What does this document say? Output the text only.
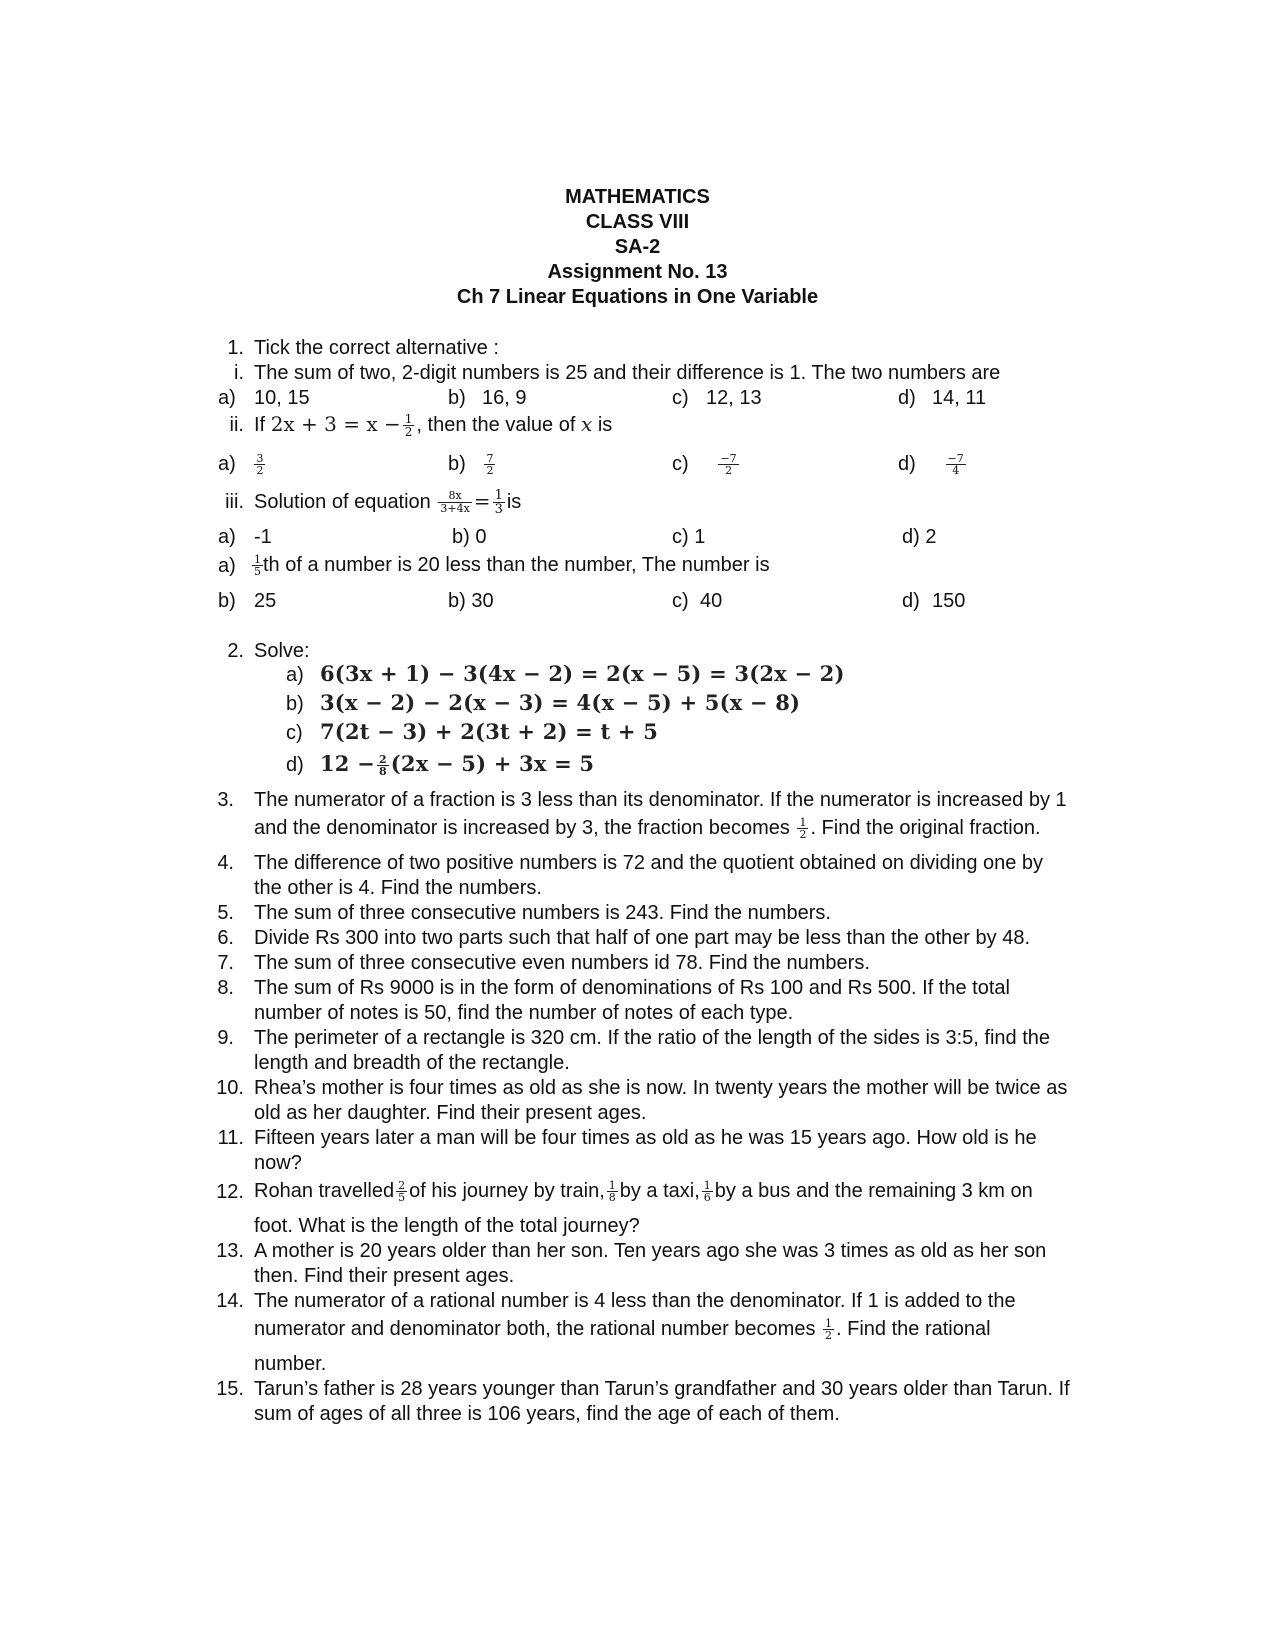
MATHEMATICS
CLASS VIII
SA-2
Assignment No. 13
Ch 7 Linear Equations in One Variable
1. Tick the correct alternative :
i. The sum of two, 2-digit numbers is 25 and their difference is 1. The two numbers are
a) 10, 15	b) 16, 9	c) 12, 13	d) 14, 11
ii. If $2x + 3 = x - \frac{1}{2}$ , then the value of x is
$a) \frac{3}{2}$	$b) \frac{7}{2}$	c)	$\frac{-7}{2}$	d)	$\frac{-7}{4}$
iii. Solution of equation $\frac{8x}{3+4x} = \frac{1}{3}$ is
a) -1	b) 0	c) 1	d) 2
$a) \frac{1}{5}$ th of a number is 20 less than the number, The number is
b) 25	b) 30	c) 40	d) 150
2. Solve:
a) 6(3x + 1) − 3(4x − 2) = 2(x − 5) = 3(2x − 2)
b) 3(x − 2) − 2(x − 3) = 4(x − 5) + 5(x − 8)
c) 7(2t − 3) + 2(3t + 2) = t + 5
d) $12 - \frac{2}{8} (2x - 5) + 3x = 5$
3. The numerator of a fraction is 3 less than its denominator. If the numerator is increased by 1
and the denominator is increased by 3, the fraction becomes $\frac{1}{2}$ . Find the original fraction.
4. The difference of two positive numbers is 72 and the quotient obtained on dividing one by
the other is 4. Find the numbers.
5. The sum of three consecutive numbers is 243. Find the numbers.
6. Divide Rs 300 into two parts such that half of one part may be less than the other by 48.
7. The sum of three consecutive even numbers id 78. Find the numbers.
8. The sum of Rs 9000 is in the form of denominations of Rs 100 and Rs 500. If the total
number of notes is 50, find the number of notes of each type.
9. The perimeter of a rectangle is 320 cm. If the ratio of the length of the sides is 3:5, find the
length and breadth of the rectangle.
10. Rhea’s mother is four times as old as she is now. In twenty years the mother will be twice as
old as her daughter. Find their present ages.
11. Fifteen years later a man will be four times as old as he was 15 years ago. How old is he
now?
12. Rohan travelled $\frac{2}{5}$ of his journey by train, $\frac{1}{8}$ by a taxi, $\frac{1}{6}$ by a bus and the remaining 3 km on
foot. What is the length of the total journey?
13. A mother is 20 years older than her son. Ten years ago she was 3 times as old as her son
then. Find their present ages.
14. The numerator of a rational number is 4 less than the denominator. If 1 is added to the
numerator and denominator both, the rational number becomes $\frac{1}{2}$ . Find the rational
number.
15. Tarun’s father is 28 years younger than Tarun’s grandfather and 30 years older than Tarun. If
sum of ages of all three is 106 years, find the age of each of them.
